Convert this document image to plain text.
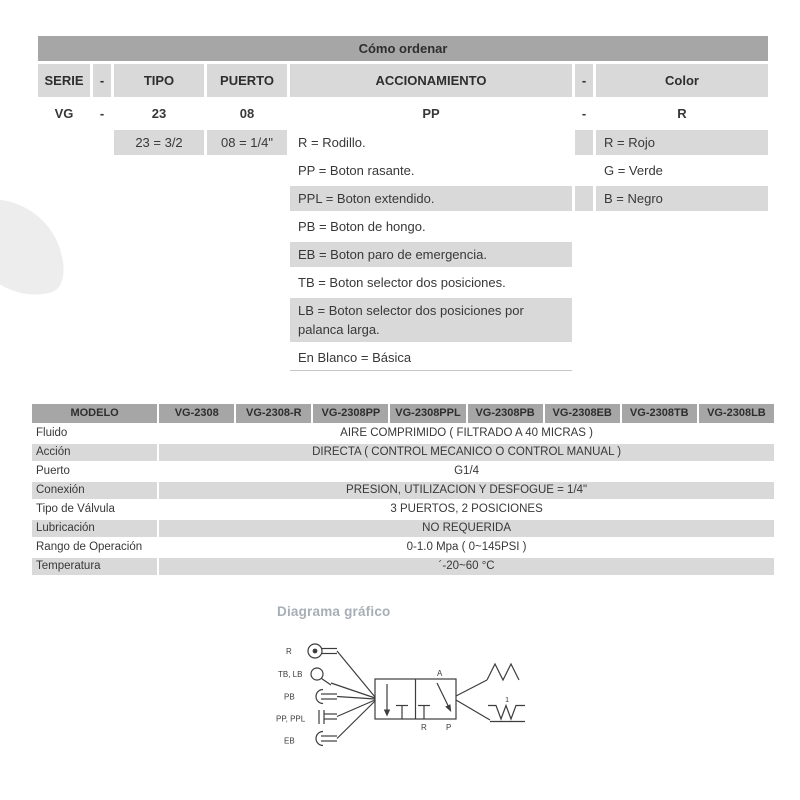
Cómo ordenar						
SERIE	-	TIPO	PUERTO	ACCIONAMIENTO	-	Color
VG	-	23	08	PP	-	R
		23 = 3/2	08 = 1/4"	R = Rodillo.		R = Rojo
				PP = Boton rasante.		G = Verde
				PPL = Boton extendido.		B = Negro
				PB = Boton de hongo.		
				EB = Boton paro de emergencia.		
				TB = Boton selector dos posiciones.		
				LB = Boton selector dos posiciones por palanca larga.		
				En Blanco = Básica		
MODELO	VG-2308	VG-2308-R	VG-2308PP	VG-2308PPL	VG-2308PB	VG-2308EB	VG-2308TB	VG-2308LB
Fluido	AIRE COMPRIMIDO ( FILTRADO A 40 MICRAS )							
Acción	DIRECTA ( CONTROL MECANICO O CONTROL MANUAL )							
Puerto	G1/4							
Conexión	PRESION, UTILIZACION Y DESFOGUE = 1/4"							
Tipo de Válvula	3 PUERTOS, 2 POSICIONES							
Lubricación	NO REQUERIDA							
Rango de Operación	0-1.0 Mpa ( 0~145PSI )							
Temperatura	´-20~60 °C							
Diagrama gráfico
R
TB, LB
PB
PP, PPL
EB
A
R P
1
